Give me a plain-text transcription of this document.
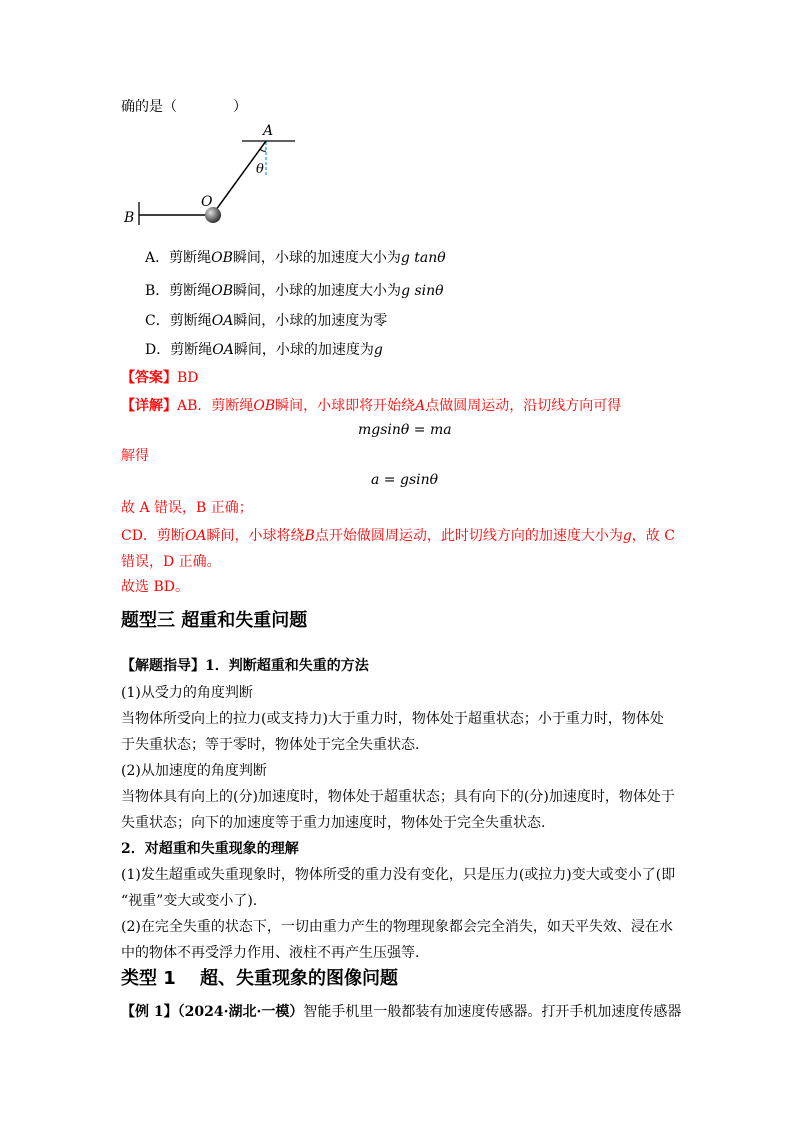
确的是（　　　　）
A
θ
O
B
A．剪断绳OB瞬间，小球的加速度大小为g tanθ
B．剪断绳OB瞬间，小球的加速度大小为g sinθ
C．剪断绳OA瞬间，小球的加速度为零
D．剪断绳OA瞬间，小球的加速度为g
【答案】BD
【详解】AB．剪断绳OB瞬间，小球即将开始绕A点做圆周运动，沿切线方向可得
mgsinθ = ma
解得
a = gsinθ
故 A 错误，B 正确；
CD．剪断OA瞬间，小球将绕B点开始做圆周运动，此时切线方向的加速度大小为g，故 C
错误，D 正确。
故选 BD。
题型三 超重和失重问题
【解题指导】1．判断超重和失重的方法
(1)从受力的角度判断
当物体所受向上的拉力(或支持力)大于重力时，物体处于超重状态；小于重力时，物体处
于失重状态；等于零时，物体处于完全失重状态.
(2)从加速度的角度判断
当物体具有向上的(分)加速度时，物体处于超重状态；具有向下的(分)加速度时，物体处于
失重状态；向下的加速度等于重力加速度时，物体处于完全失重状态.
2．对超重和失重现象的理解
(1)发生超重或失重现象时，物体所受的重力没有变化，只是压力(或拉力)变大或变小了(即
“视重”变大或变小了).
(2)在完全失重的状态下，一切由重力产生的物理现象都会完全消失，如天平失效、浸在水
中的物体不再受浮力作用、液柱不再产生压强等.
类型 1　 超、失重现象的图像问题
【例 1】（2024·湖北·一模）智能手机里一般都装有加速度传感器。打开手机加速度传感器
